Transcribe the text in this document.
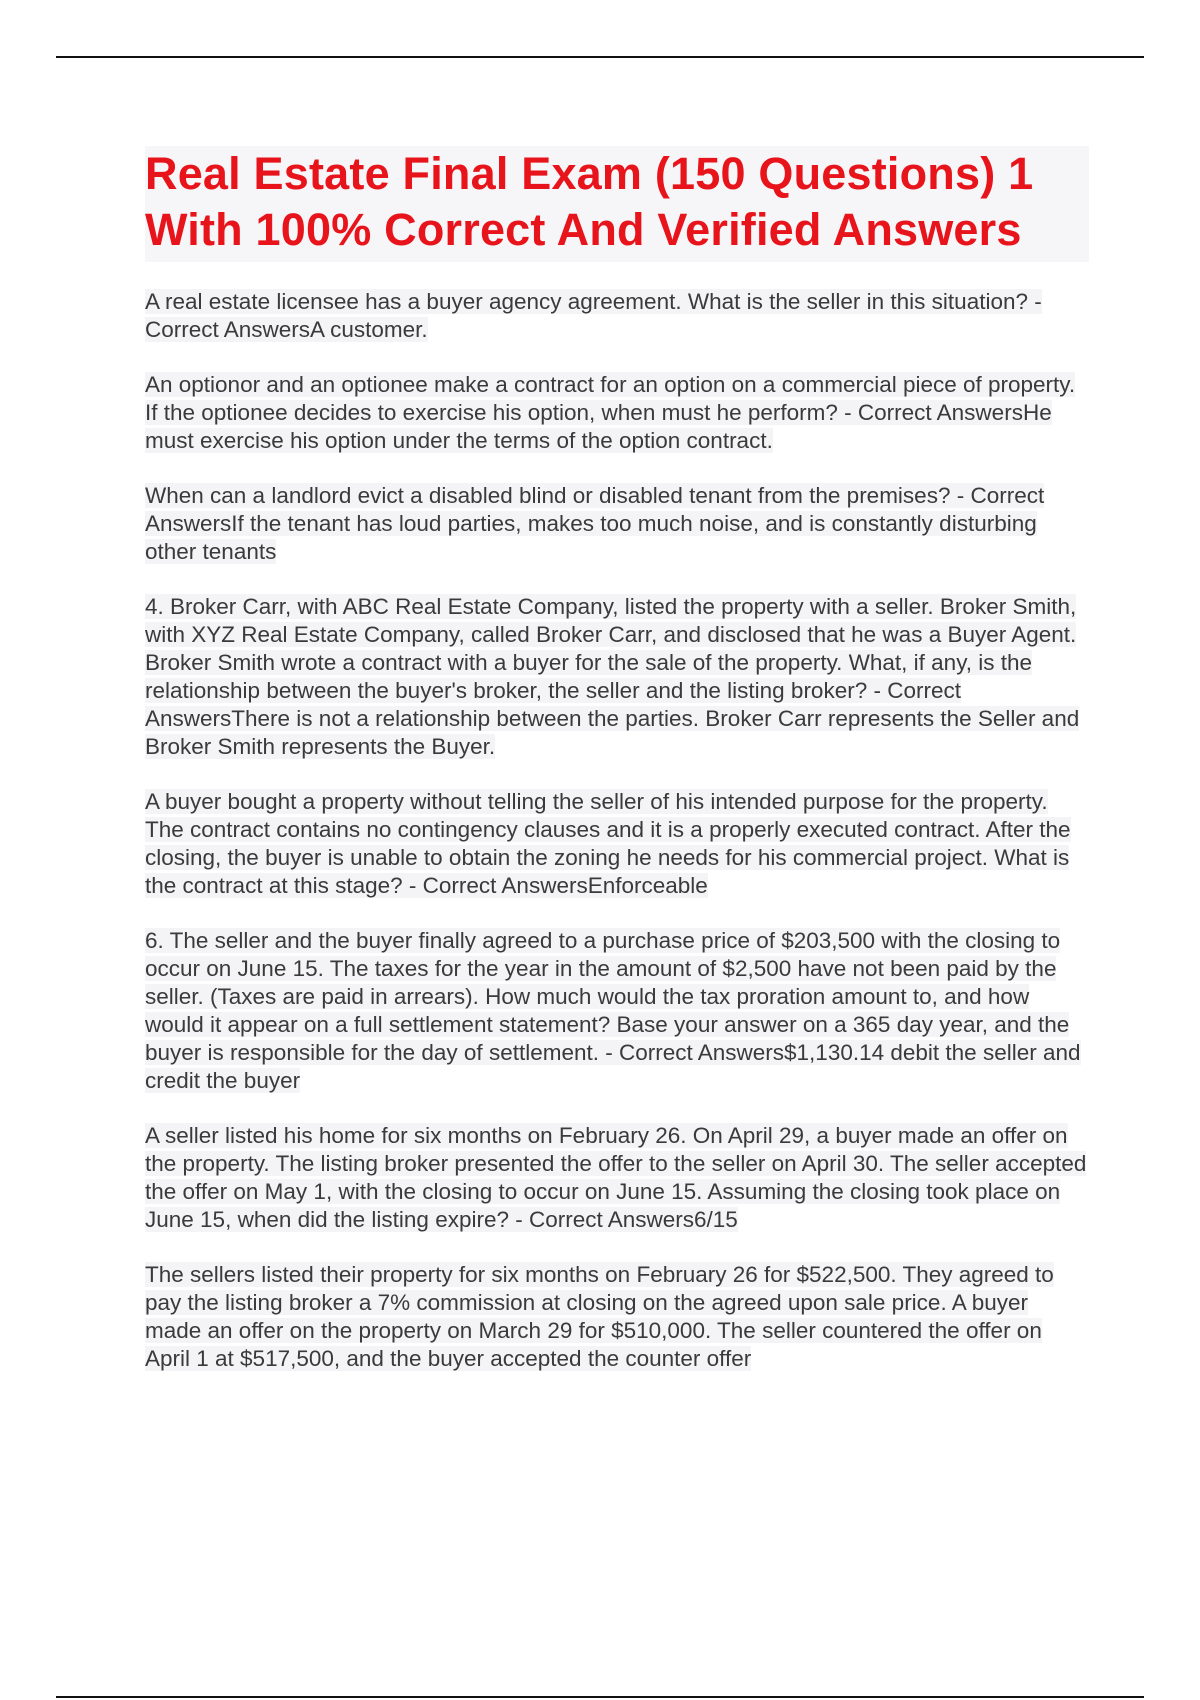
Real Estate Final Exam (150 Questions) 1 With 100% Correct And Verified Answers

A real estate licensee has a buyer agency agreement. What is the seller in this situation? - Correct AnswersA customer.

An optionor and an optionee make a contract for an option on a commercial piece of property. If the optionee decides to exercise his option, when must he perform? - Correct AnswersHe must exercise his option under the terms of the option contract.

When can a landlord evict a disabled blind or disabled tenant from the premises? - Correct AnswersIf the tenant has loud parties, makes too much noise, and is constantly disturbing other tenants

4. Broker Carr, with ABC Real Estate Company, listed the property with a seller. Broker Smith, with XYZ Real Estate Company, called Broker Carr, and disclosed that he was a Buyer Agent. Broker Smith wrote a contract with a buyer for the sale of the property. What, if any, is the relationship between the buyer's broker, the seller and the listing broker? - Correct AnswersThere is not a relationship between the parties. Broker Carr represents the Seller and Broker Smith represents the Buyer.

A buyer bought a property without telling the seller of his intended purpose for the property. The contract contains no contingency clauses and it is a properly executed contract. After the closing, the buyer is unable to obtain the zoning he needs for his commercial project. What is the contract at this stage? - Correct AnswersEnforceable

6. The seller and the buyer finally agreed to a purchase price of $203,500 with the closing to occur on June 15. The taxes for the year in the amount of $2,500 have not been paid by the seller. (Taxes are paid in arrears). How much would the tax proration amount to, and how would it appear on a full settlement statement? Base your answer on a 365 day year, and the buyer is responsible for the day of settlement. - Correct Answers$1,130.14 debit the seller and credit the buyer

A seller listed his home for six months on February 26. On April 29, a buyer made an offer on the property. The listing broker presented the offer to the seller on April 30. The seller accepted the offer on May 1, with the closing to occur on June 15. Assuming the closing took place on June 15, when did the listing expire? - Correct Answers6/15

The sellers listed their property for six months on February 26 for $522,500. They agreed to pay the listing broker a 7% commission at closing on the agreed upon sale price. A buyer made an offer on the property on March 29 for $510,000. The seller countered the offer on April 1 at $517,500, and the buyer accepted the counter offer
